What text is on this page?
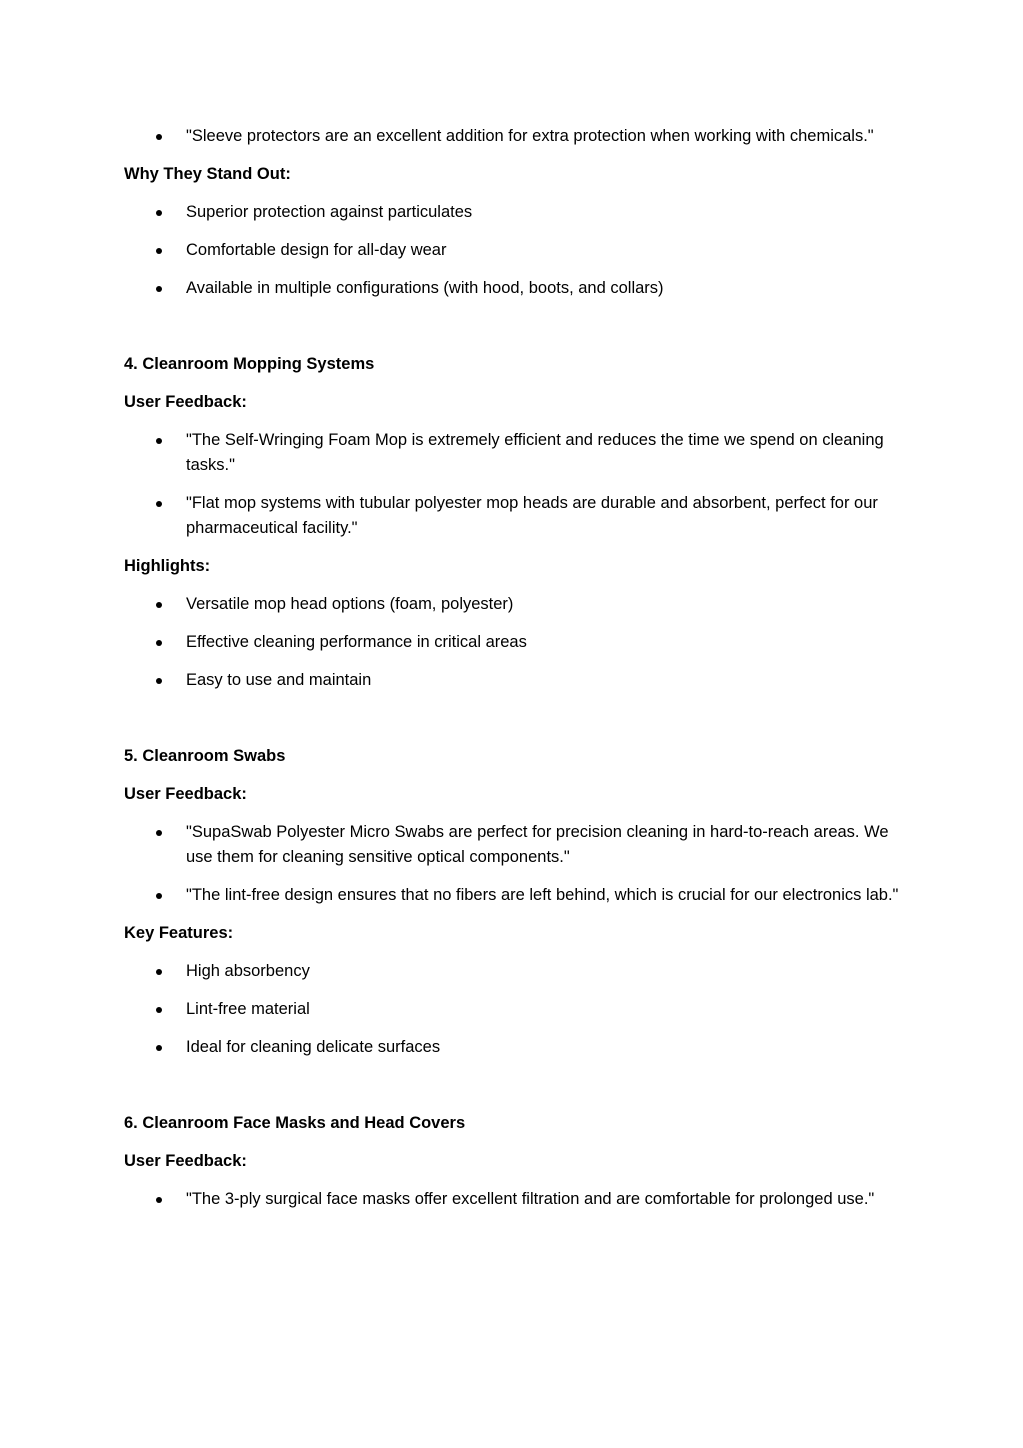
"Sleeve protectors are an excellent addition for extra protection when working with chemicals."
Why They Stand Out:
Superior protection against particulates
Comfortable design for all-day wear
Available in multiple configurations (with hood, boots, and collars)
4. Cleanroom Mopping Systems
User Feedback:
"The Self-Wringing Foam Mop is extremely efficient and reduces the time we spend on cleaning tasks."
"Flat mop systems with tubular polyester mop heads are durable and absorbent, perfect for our pharmaceutical facility."
Highlights:
Versatile mop head options (foam, polyester)
Effective cleaning performance in critical areas
Easy to use and maintain
5. Cleanroom Swabs
User Feedback:
"SupaSwab Polyester Micro Swabs are perfect for precision cleaning in hard-to-reach areas. We use them for cleaning sensitive optical components."
"The lint-free design ensures that no fibers are left behind, which is crucial for our electronics lab."
Key Features:
High absorbency
Lint-free material
Ideal for cleaning delicate surfaces
6. Cleanroom Face Masks and Head Covers
User Feedback:
"The 3-ply surgical face masks offer excellent filtration and are comfortable for prolonged use."
